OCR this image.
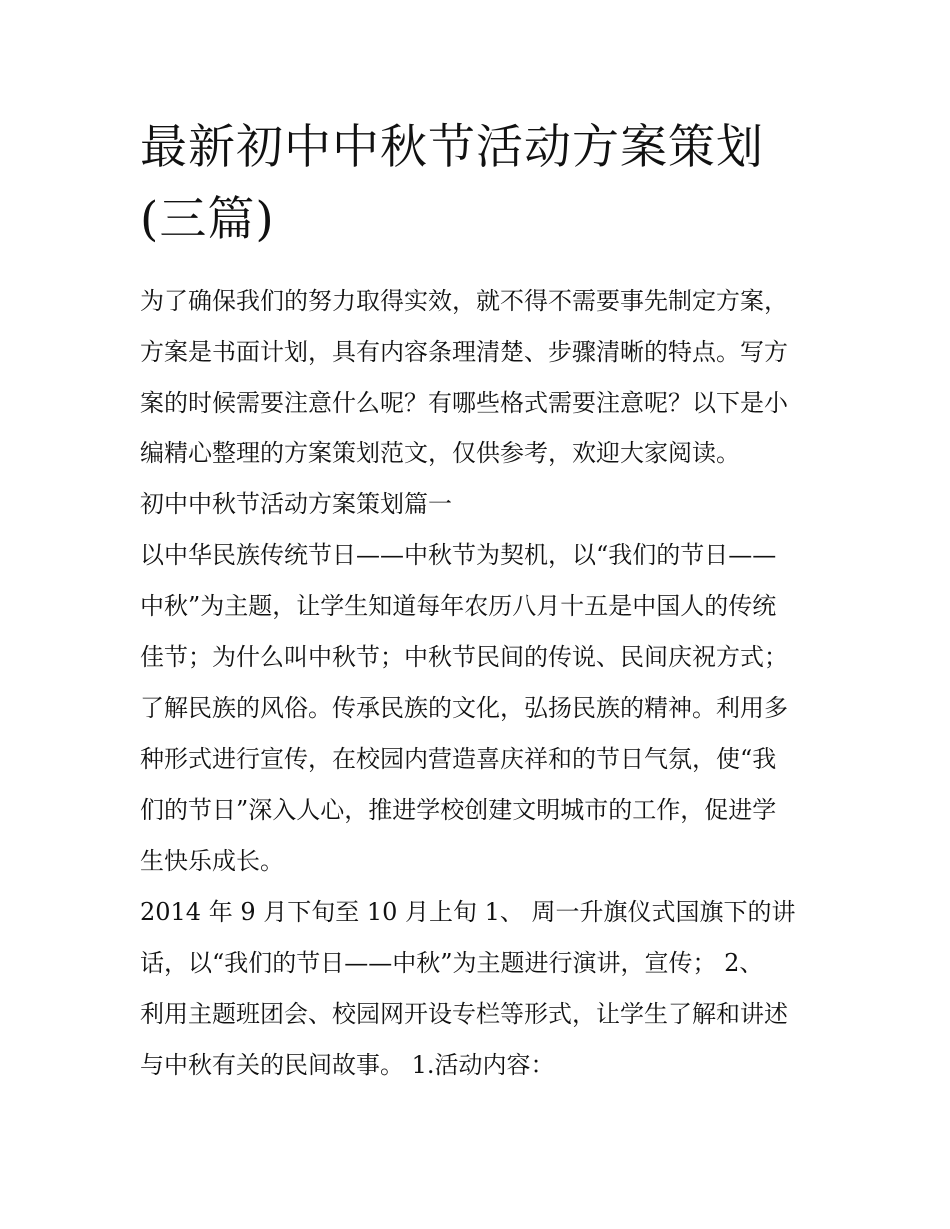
最新初中中秋节活动方案策划
(三篇)

为了确保我们的努力取得实效，就不得不需要事先制定方案，

方案是书面计划，具有内容条理清楚、步骤清晰的特点。写方

案的时候需要注意什么呢？有哪些格式需要注意呢？以下是小

编精心整理的方案策划范文，仅供参考，欢迎大家阅读。

初中中秋节活动方案策划篇一

以中华民族传统节日——中秋节为契机，以“我们的节日——

中秋”为主题，让学生知道每年农历八月十五是中国人的传统

佳节；为什么叫中秋节；中秋节民间的传说、民间庆祝方式；

了解民族的风俗。传承民族的文化，弘扬民族的精神。利用多

种形式进行宣传，在校园内营造喜庆祥和的节日气氛，使“我

们的节日”深入人心，推进学校创建文明城市的工作，促进学

生快乐成长。

2014 年 9 月下旬至 10 月上旬 1、 周一升旗仪式国旗下的讲

话，以“我们的节日——中秋”为主题进行演讲，宣传； 2、

利用主题班团会、校园网开设专栏等形式，让学生了解和讲述

与中秋有关的民间故事。 1.活动内容：
